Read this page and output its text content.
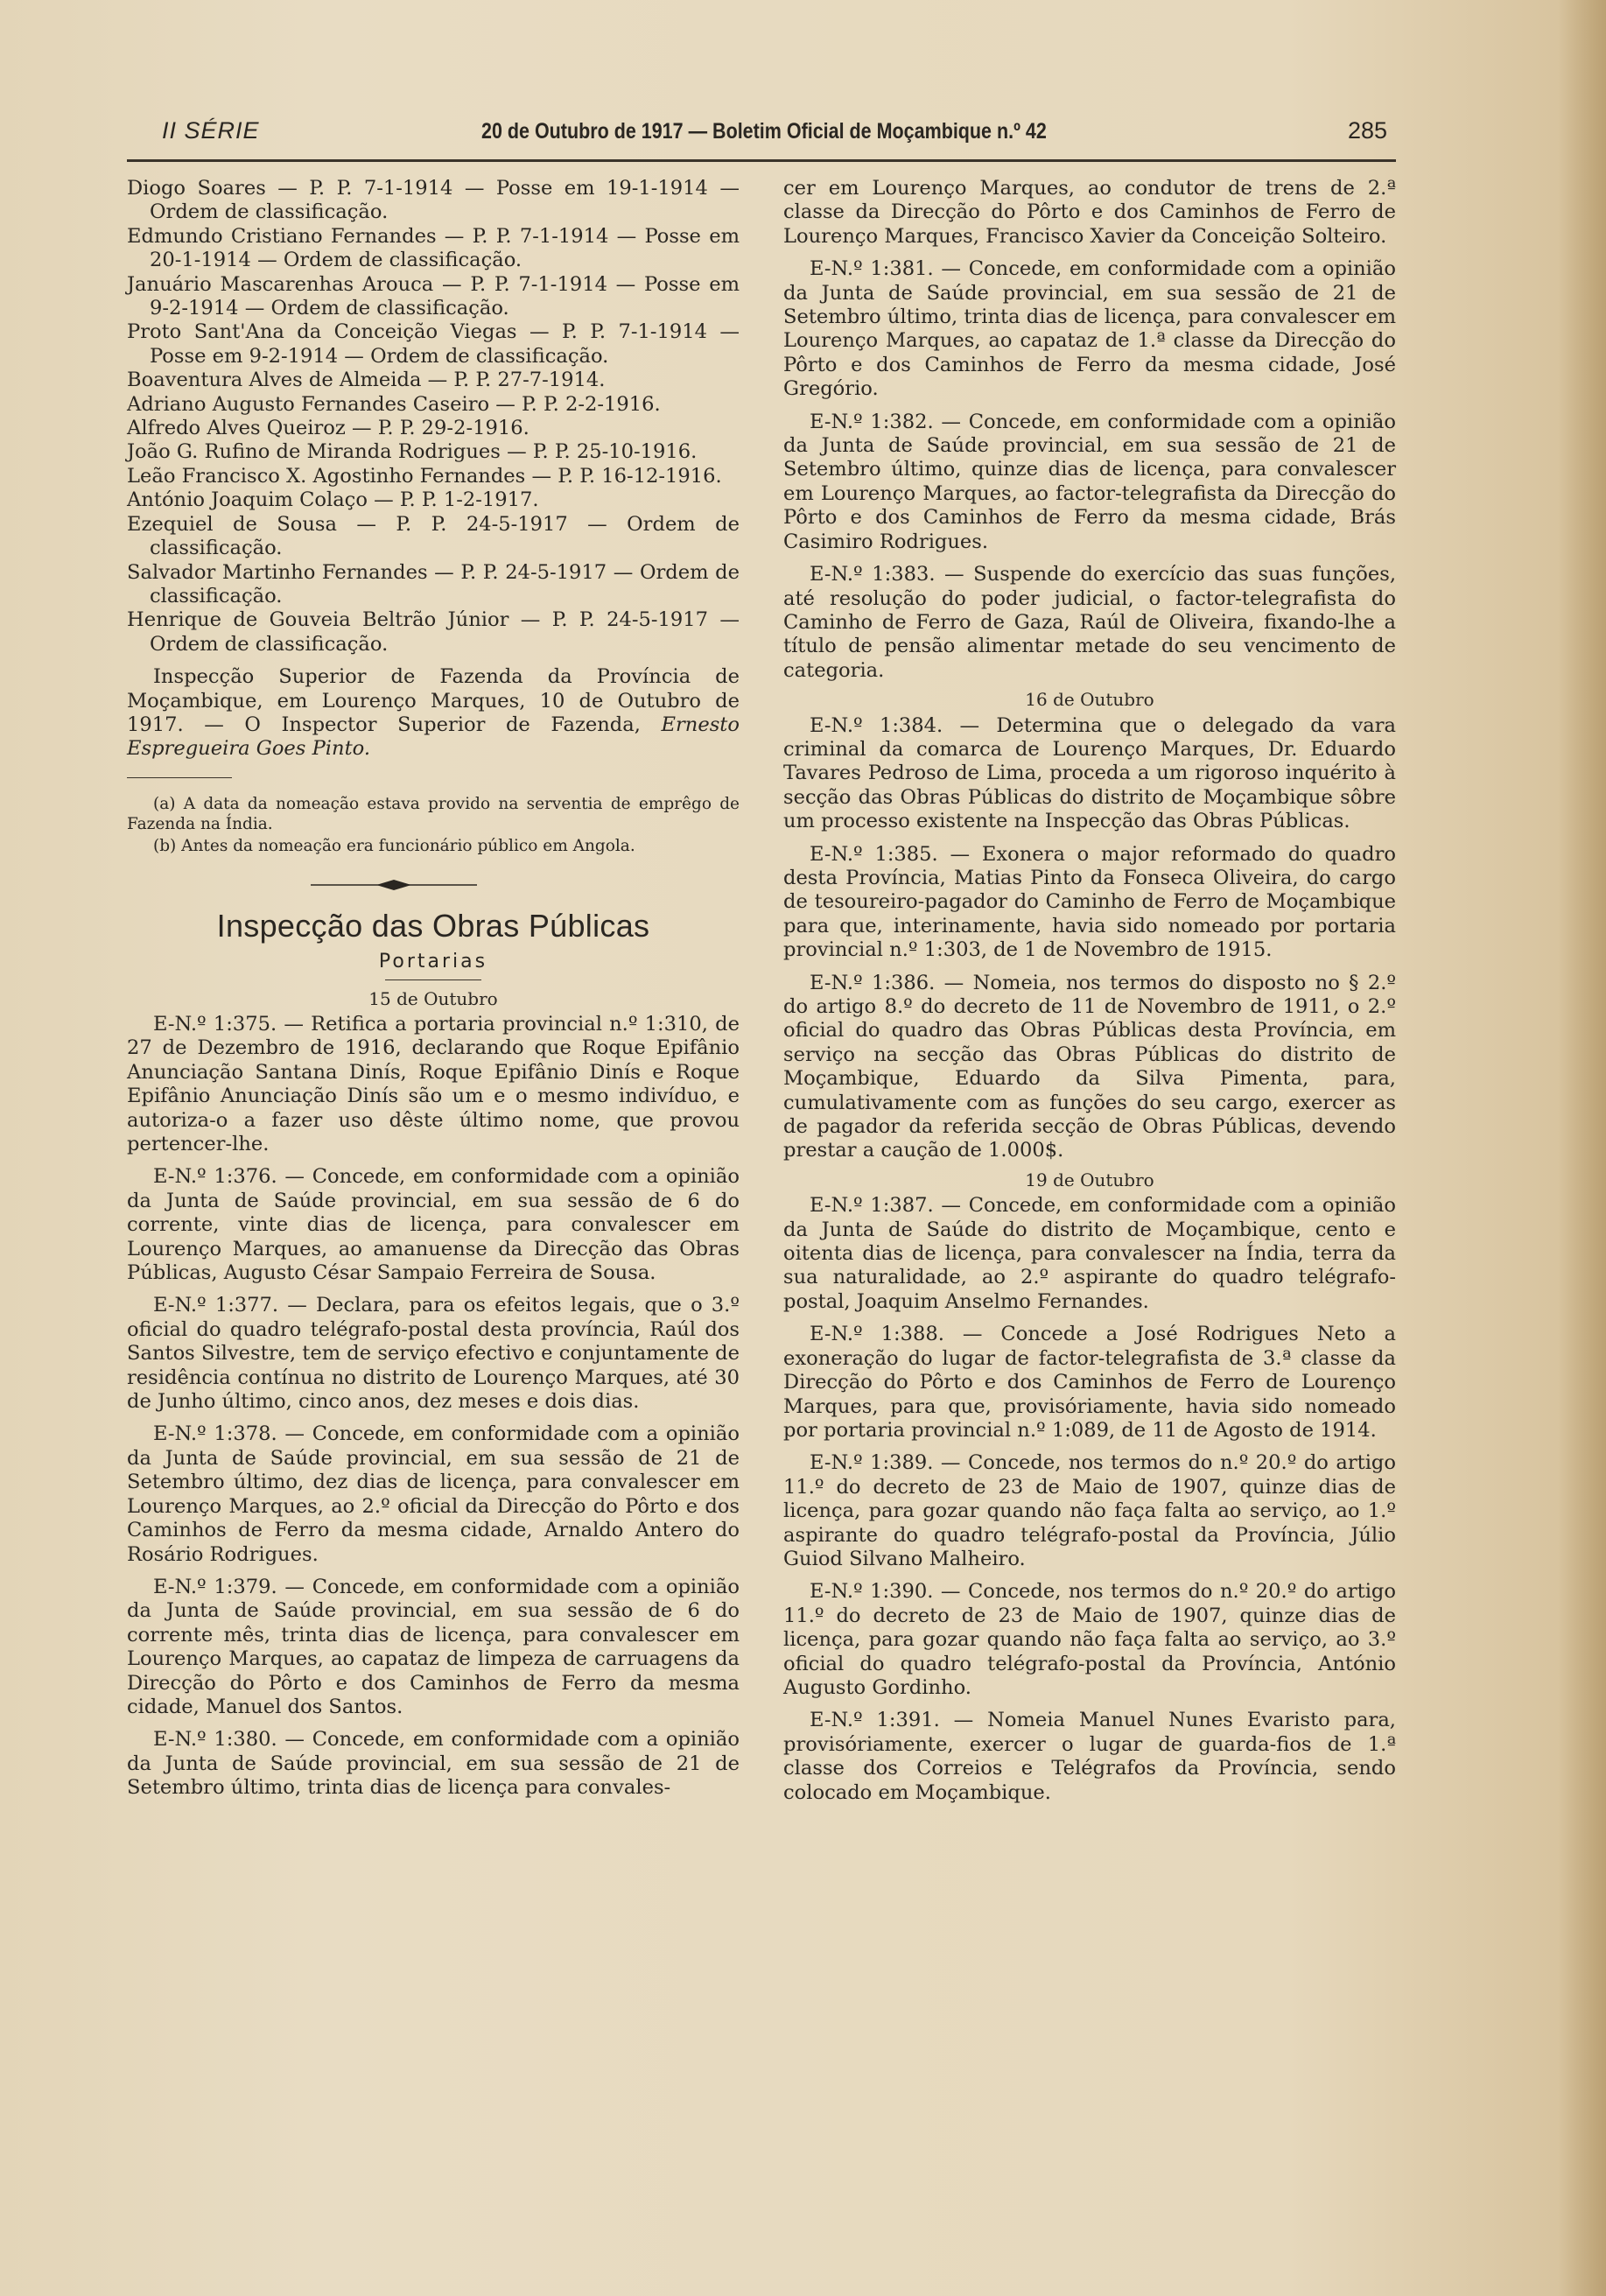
II SÉRIE	20 de Outubro de 1917 — Boletim Oficial de Moçambique n.º 42	285

Diogo Soares — P. P. 7-1-1914 — Posse em 19-1-1914 — Ordem de classificação.

Edmundo Cristiano Fernandes — P. P. 7-1-1914 — Posse em 20-1-1914 — Ordem de classificação.

Januário Mascarenhas Arouca — P. P. 7-1-1914 — Posse em 9-2-1914 — Ordem de classificação.

Proto Sant'Ana da Conceição Viegas — P. P. 7-1-1914 — Posse em 9-2-1914 — Ordem de classificação.

Boaventura Alves de Almeida — P. P. 27-7-1914.

Adriano Augusto Fernandes Caseiro — P. P. 2-2-1916.

Alfredo Alves Queiroz — P. P. 29-2-1916.

João G. Rufino de Miranda Rodrigues — P. P. 25-10-1916.

Leão Francisco X. Agostinho Fernandes — P. P. 16-12-1916.

António Joaquim Colaço — P. P. 1-2-1917.

Ezequiel de Sousa — P. P. 24-5-1917 — Ordem de classificação.

Salvador Martinho Fernandes — P. P. 24-5-1917 — Ordem de classificação.

Henrique de Gouveia Beltrão Júnior — P. P. 24-5-1917 — Ordem de classificação.

Inspecção Superior de Fazenda da Província de Moçambique, em Lourenço Marques, 10 de Outubro de 1917. — O Inspector Superior de Fazenda, Ernesto Espregueira Goes Pinto.

(a) A data da nomeação estava provido na serventia de emprêgo de Fazenda na Índia.

(b) Antes da nomeação era funcionário público em Angola.

Inspecção das Obras Públicas
Portarias
15 de Outubro

E-N.º 1:375. — Retifica a portaria provincial n.º 1:310, de 27 de Dezembro de 1916, declarando que Roque Epifânio Anunciação Santana Dinís, Roque Epifânio Dinís e Roque Epifânio Anunciação Dinís são um e o mesmo indivíduo, e autoriza-o a fazer uso dêste último nome, que provou pertencer-lhe.

E-N.º 1:376. — Concede, em conformidade com a opinião da Junta de Saúde provincial, em sua sessão de 6 do corrente, vinte dias de licença, para convalescer em Lourenço Marques, ao amanuense da Direcção das Obras Públicas, Augusto César Sampaio Ferreira de Sousa.

E-N.º 1:377. — Declara, para os efeitos legais, que o 3.º oficial do quadro telégrafo-postal desta província, Raúl dos Santos Silvestre, tem de serviço efectivo e conjuntamente de residência contínua no distrito de Lourenço Marques, até 30 de Junho último, cinco anos, dez meses e dois dias.

E-N.º 1:378. — Concede, em conformidade com a opinião da Junta de Saúde provincial, em sua sessão de 21 de Setembro último, dez dias de licença, para convalescer em Lourenço Marques, ao 2.º oficial da Direcção do Pôrto e dos Caminhos de Ferro da mesma cidade, Arnaldo Antero do Rosário Rodrigues.

E-N.º 1:379. — Concede, em conformidade com a opinião da Junta de Saúde provincial, em sua sessão de 6 do corrente mês, trinta dias de licença, para convalescer em Lourenço Marques, ao capataz de limpeza de carruagens da Direcção do Pôrto e dos Caminhos de Ferro da mesma cidade, Manuel dos Santos.

E-N.º 1:380. — Concede, em conformidade com a opinião da Junta de Saúde provincial, em sua sessão de 21 de Setembro último, trinta dias de licença para convales-

cer em Lourenço Marques, ao condutor de trens de 2.ª classe da Direcção do Pôrto e dos Caminhos de Ferro de Lourenço Marques, Francisco Xavier da Conceição Solteiro.

E-N.º 1:381. — Concede, em conformidade com a opinião da Junta de Saúde provincial, em sua sessão de 21 de Setembro último, trinta dias de licença, para convalescer em Lourenço Marques, ao capataz de 1.ª classe da Direcção do Pôrto e dos Caminhos de Ferro da mesma cidade, José Gregório.

E-N.º 1:382. — Concede, em conformidade com a opinião da Junta de Saúde provincial, em sua sessão de 21 de Setembro último, quinze dias de licença, para convalescer em Lourenço Marques, ao factor-telegrafista da Direcção do Pôrto e dos Caminhos de Ferro da mesma cidade, Brás Casimiro Rodrigues.

E-N.º 1:383. — Suspende do exercício das suas funções, até resolução do poder judicial, o factor-telegrafista do Caminho de Ferro de Gaza, Raúl de Oliveira, fixando-lhe a título de pensão alimentar metade do seu vencimento de categoria.

16 de Outubro

E-N.º 1:384. — Determina que o delegado da vara criminal da comarca de Lourenço Marques, Dr. Eduardo Tavares Pedroso de Lima, proceda a um rigoroso inquérito à secção das Obras Públicas do distrito de Moçambique sôbre um processo existente na Inspecção das Obras Públicas.

E-N.º 1:385. — Exonera o major reformado do quadro desta Província, Matias Pinto da Fonseca Oliveira, do cargo de tesoureiro-pagador do Caminho de Ferro de Moçambique para que, interinamente, havia sido nomeado por portaria provincial n.º 1:303, de 1 de Novembro de 1915.

E-N.º 1:386. — Nomeia, nos termos do disposto no § 2.º do artigo 8.º do decreto de 11 de Novembro de 1911, o 2.º oficial do quadro das Obras Públicas desta Província, em serviço na secção das Obras Públicas do distrito de Moçambique, Eduardo da Silva Pimenta, para, cumulativamente com as funções do seu cargo, exercer as de pagador da referida secção de Obras Públicas, devendo prestar a caução de 1.000$.

19 de Outubro

E-N.º 1:387. — Concede, em conformidade com a opinião da Junta de Saúde do distrito de Moçambique, cento e oitenta dias de licença, para convalescer na Índia, terra da sua naturalidade, ao 2.º aspirante do quadro telégrafo-postal, Joaquim Anselmo Fernandes.

E-N.º 1:388. — Concede a José Rodrigues Neto a exoneração do lugar de factor-telegrafista de 3.ª classe da Direcção do Pôrto e dos Caminhos de Ferro de Lourenço Marques, para que, provisóriamente, havia sido nomeado por portaria provincial n.º 1:089, de 11 de Agosto de 1914.

E-N.º 1:389. — Concede, nos termos do n.º 20.º do artigo 11.º do decreto de 23 de Maio de 1907, quinze dias de licença, para gozar quando não faça falta ao serviço, ao 1.º aspirante do quadro telégrafo-postal da Província, Júlio Guiod Silvano Malheiro.

E-N.º 1:390. — Concede, nos termos do n.º 20.º do artigo 11.º do decreto de 23 de Maio de 1907, quinze dias de licença, para gozar quando não faça falta ao serviço, ao 3.º oficial do quadro telégrafo-postal da Província, António Augusto Gordinho.

E-N.º 1:391. — Nomeia Manuel Nunes Evaristo para, provisóriamente, exercer o lugar de guarda-fios de 1.ª classe dos Correios e Telégrafos da Província, sendo colocado em Moçambique.
